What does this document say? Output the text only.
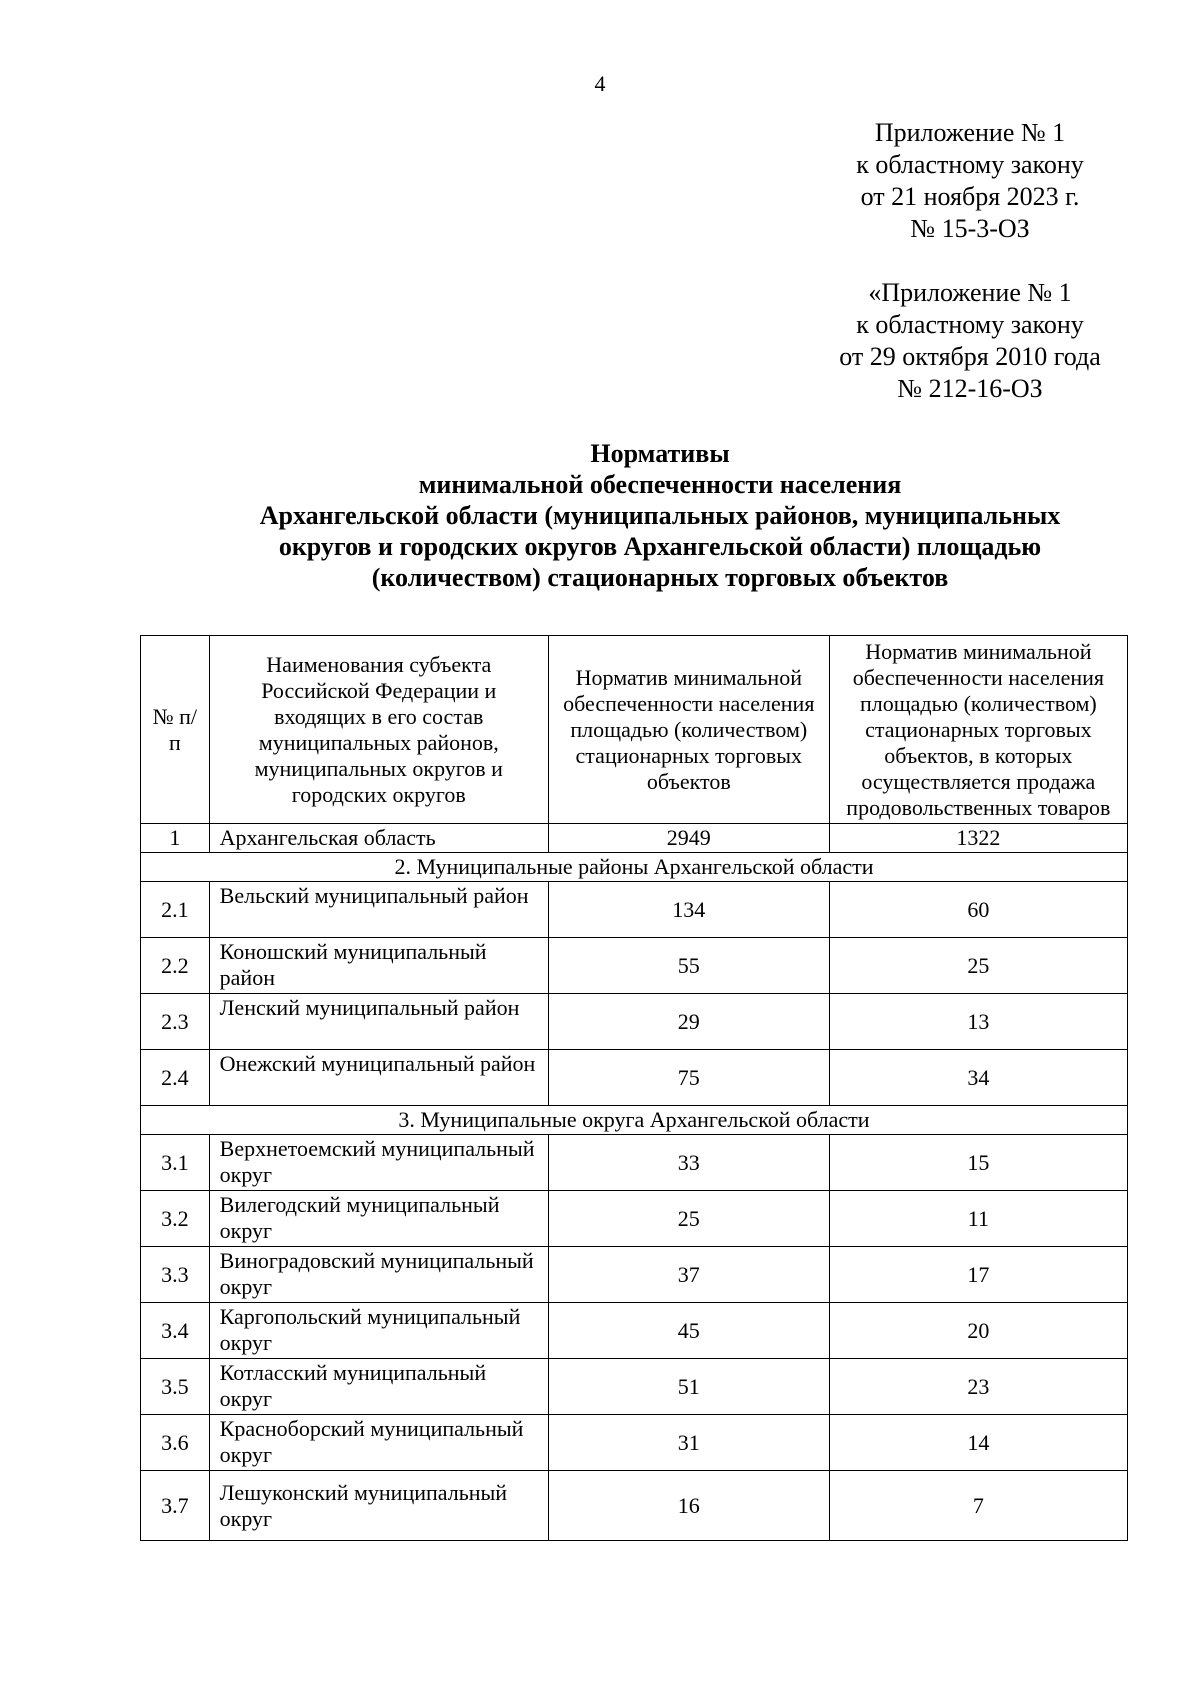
4
Приложение № 1
к областному закону
от 21 ноября 2023 г.
№ 15-3-ОЗ
«Приложение № 1
к областному закону
от 29 октября 2010 года
№ 212-16-ОЗ
Нормативы
минимальной обеспеченности населения
Архангельской области (муниципальных районов, муниципальных
округов и городских округов Архангельской области) площадью
(количеством) стационарных торговых объектов
№ п/п	Наименования субъекта Российской Федерации и входящих в его состав муниципальных районов, муниципальных округов и городских округов	Норматив минимальной обеспеченности населения площадью (количеством) стационарных торговых объектов	Норматив минимальной обеспеченности населения площадью (количеством) стационарных торговых объектов, в которых осуществляется продажа продовольственных товаров
1	Архангельская область	2949	1322
2. Муниципальные районы Архангельской области			
2.1	Вельский муниципальный район	134	60
2.2	Коношский муниципальный район	55	25
2.3	Ленский муниципальный район	29	13
2.4	Онежский муниципальный район	75	34
3. Муниципальные округа Архангельской области			
3.1	Верхнетоемский муниципальный округ	33	15
3.2	Вилегодский муниципальный округ	25	11
3.3	Виноградовский муниципальный округ	37	17
3.4	Каргопольский муниципальный округ	45	20
3.5	Котласский муниципальный округ	51	23
3.6	Красноборский муниципальный округ	31	14
3.7	Лешуконский муниципальный округ	16	7
